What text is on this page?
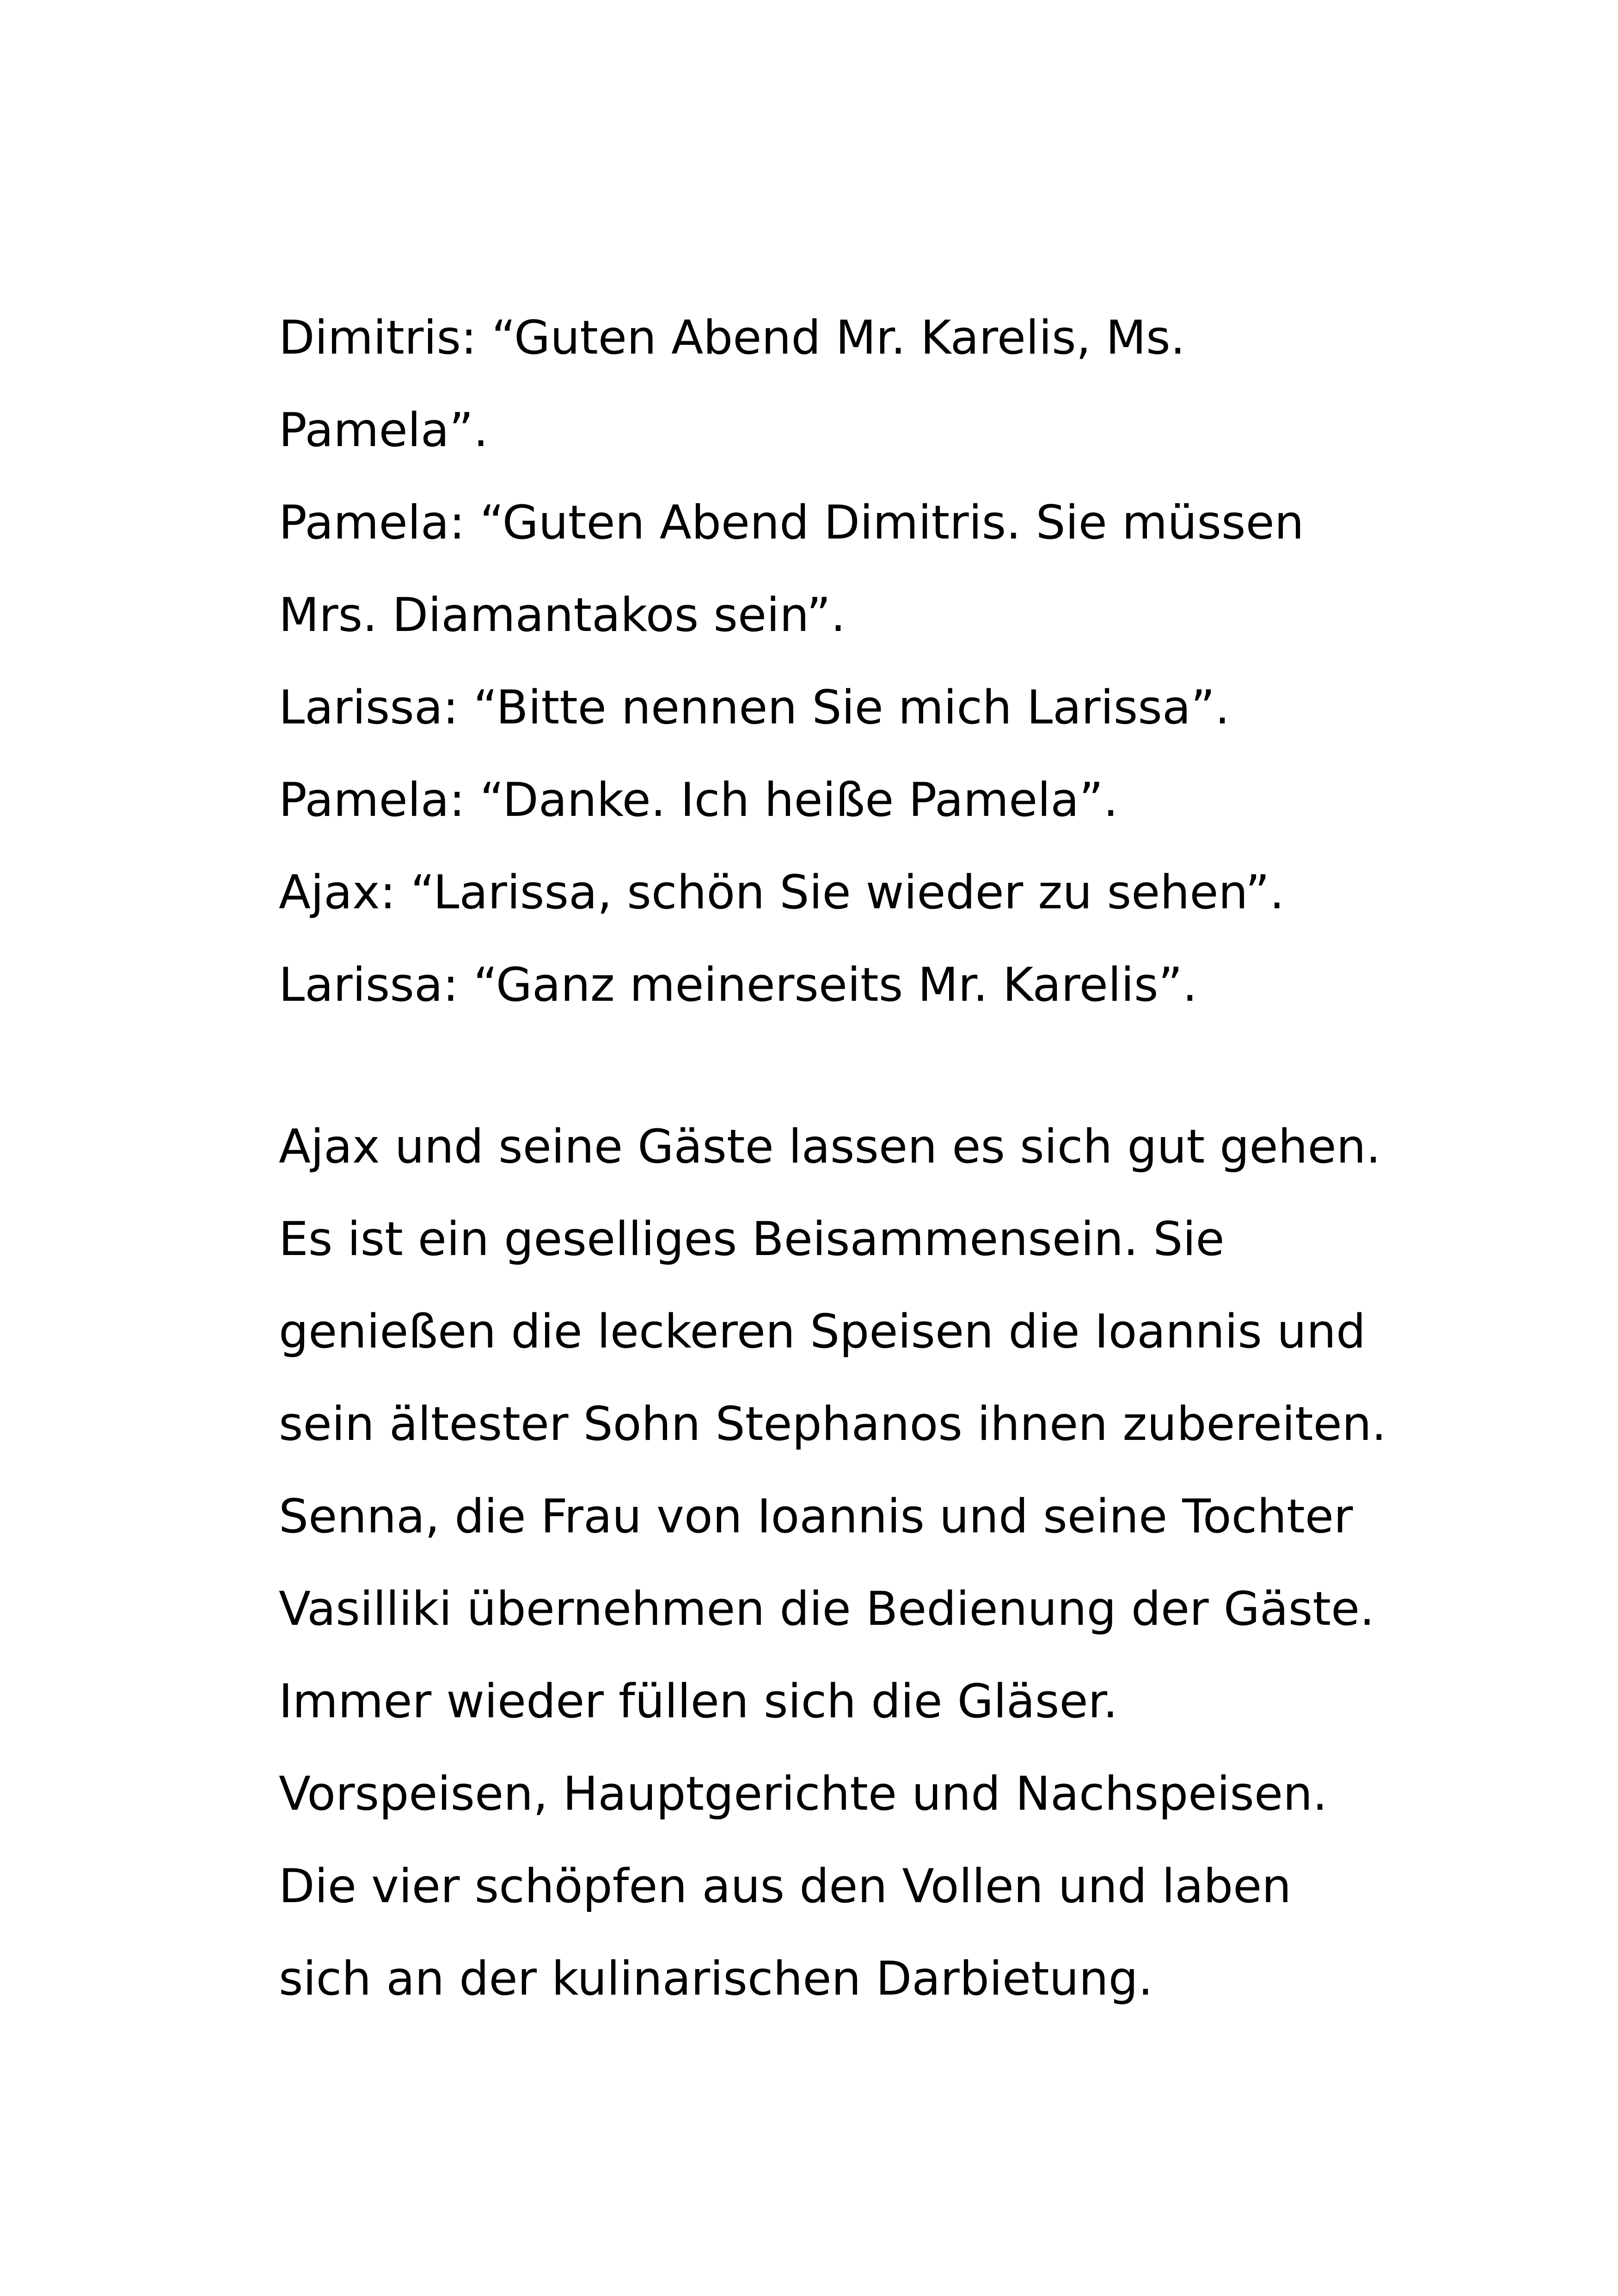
Dimitris: “Guten Abend Mr. Karelis, Ms.
Pamela”.
Pamela: “Guten Abend Dimitris. Sie müssen
Mrs. Diamantakos sein”.
Larissa: “Bitte nennen Sie mich Larissa”.
Pamela: “Danke. Ich heiße Pamela”.
Ajax: “Larissa, schön Sie wieder zu sehen”.
Larissa: “Ganz meinerseits Mr. Karelis”.
Ajax und seine Gäste lassen es sich gut gehen.
Es ist ein geselliges Beisammensein. Sie
genießen die leckeren Speisen die Ioannis und
sein ältester Sohn Stephanos ihnen zubereiten.
Senna, die Frau von Ioannis und seine Tochter
Vasilliki übernehmen die Bedienung der Gäste.
Immer wieder füllen sich die Gläser.
Vorspeisen, Hauptgerichte und Nachspeisen.
Die vier schöpfen aus den Vollen und laben
sich an der kulinarischen Darbietung.
